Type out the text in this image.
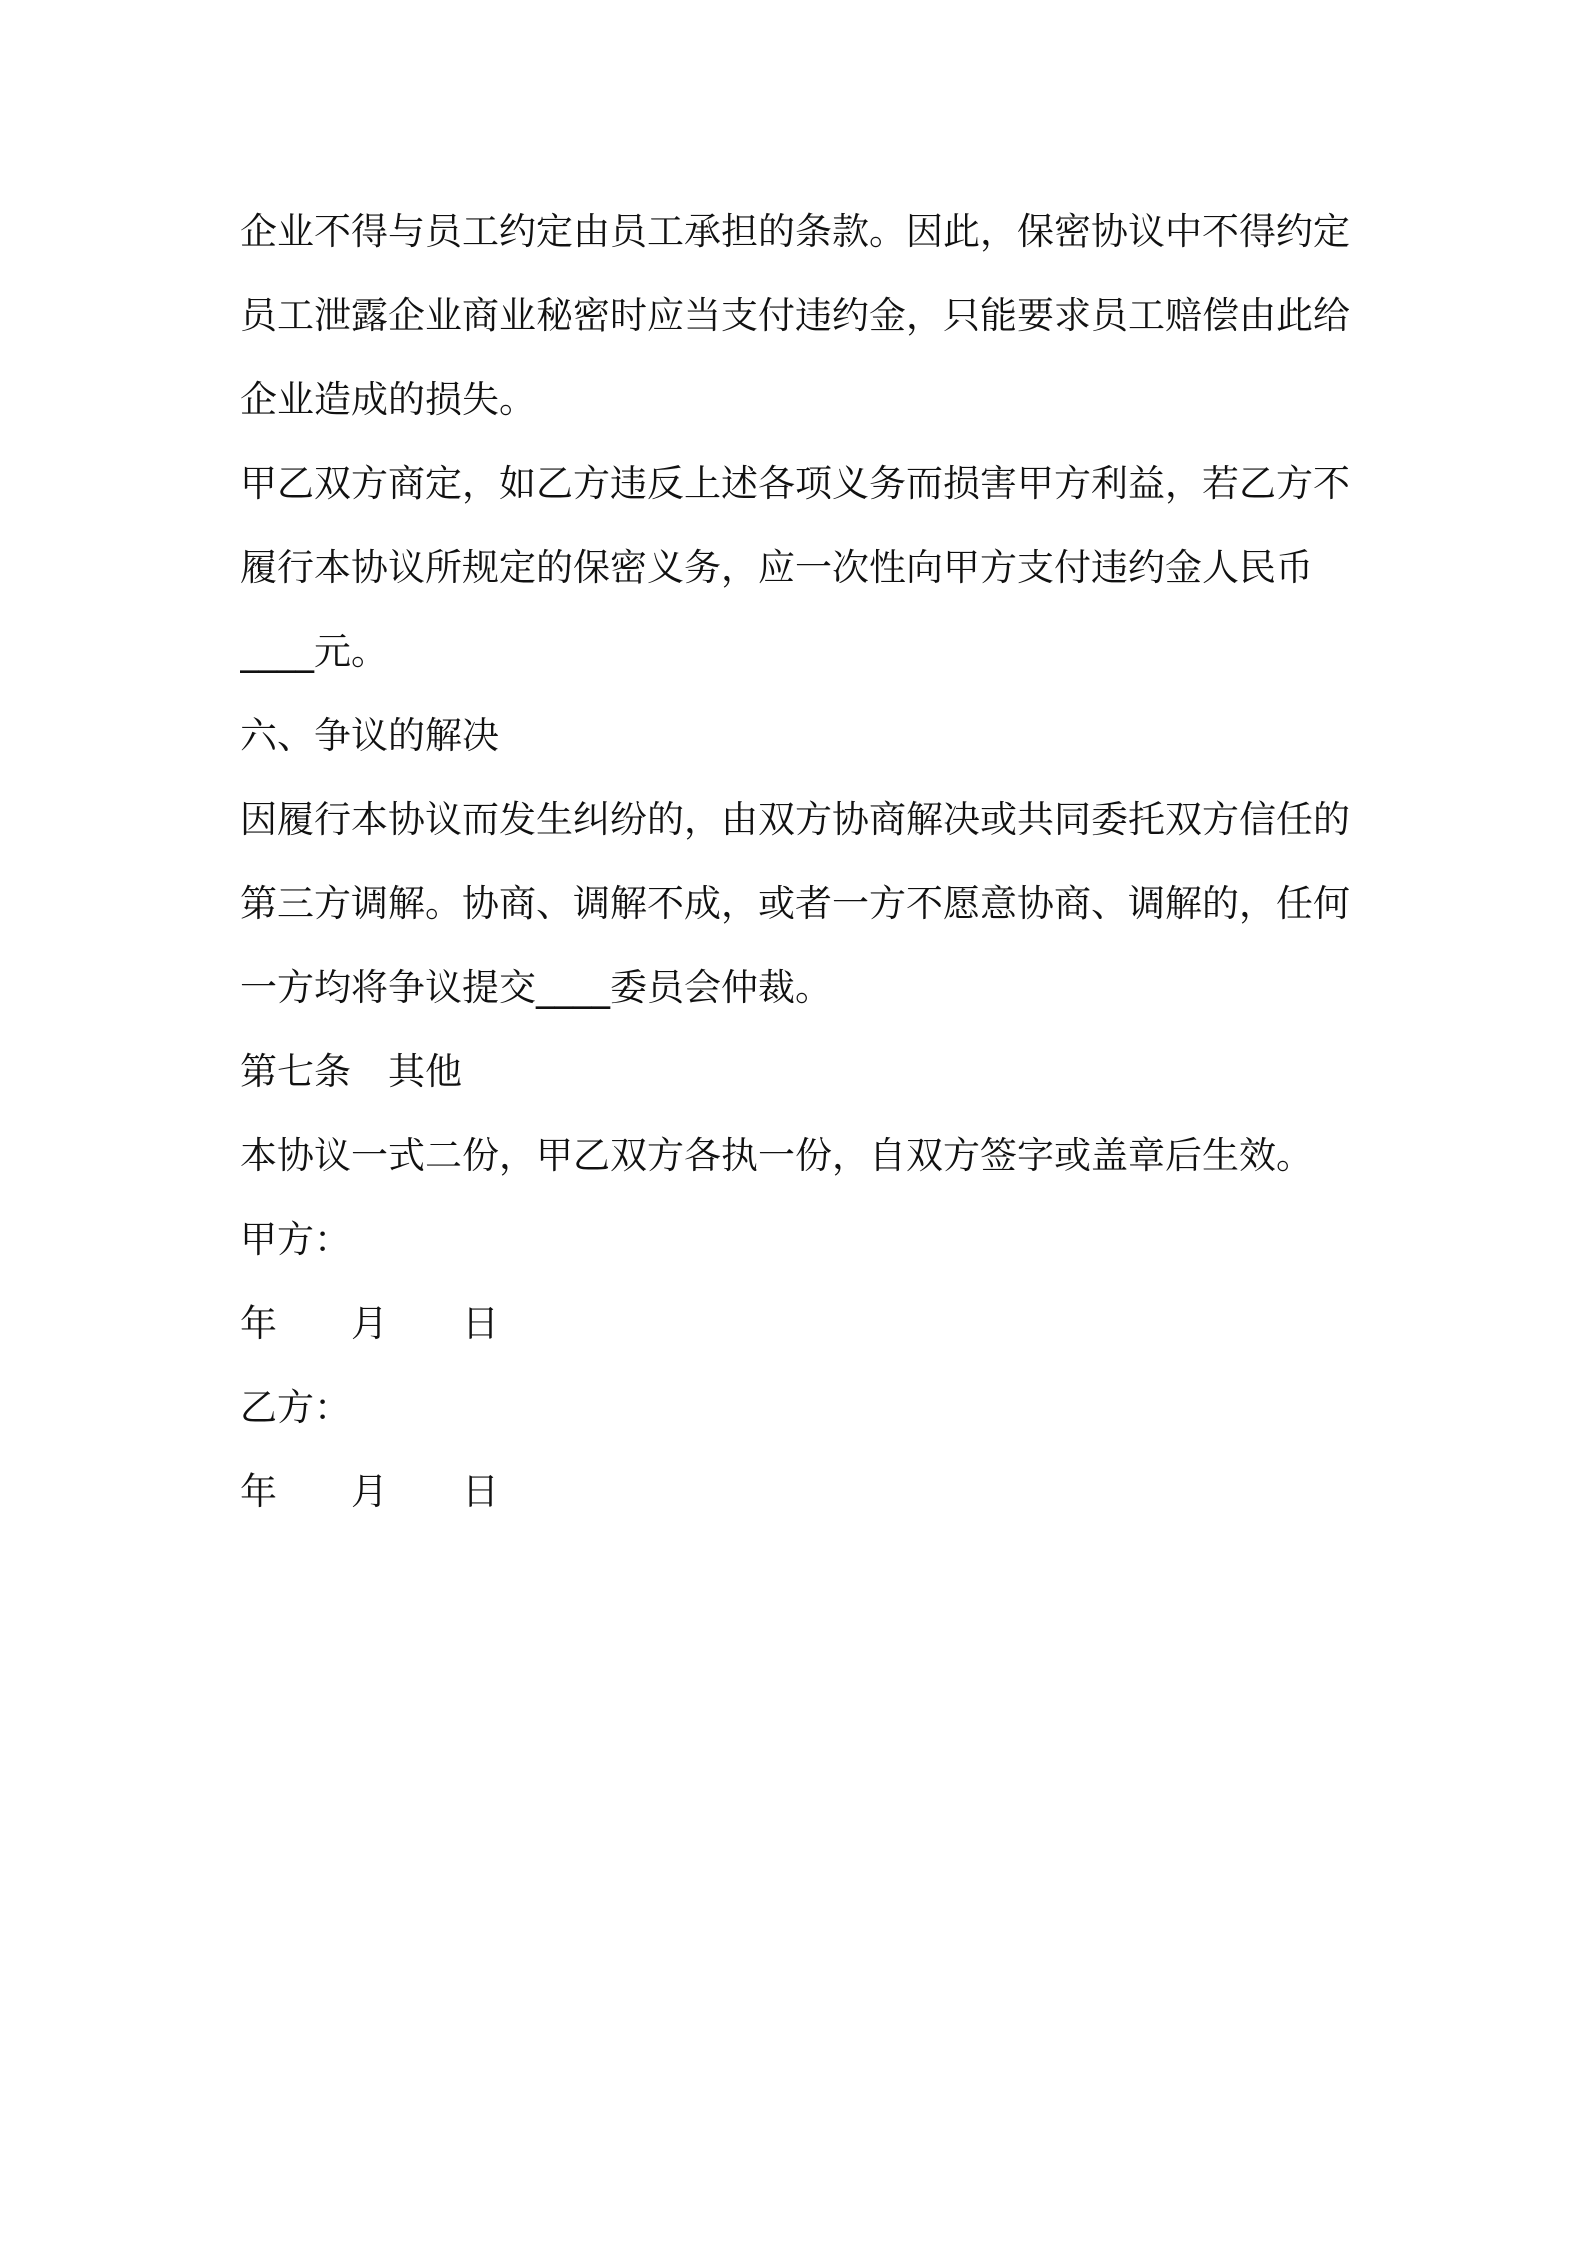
企业不得与员工约定由员工承担的条款。因此，保密协议中不得约定
员工泄露企业商业秘密时应当支付违约金，只能要求员工赔偿由此给
企业造成的损失。
甲乙双方商定，如乙方违反上述各项义务而损害甲方利益，若乙方不
履行本协议所规定的保密义务，应一次性向甲方支付违约金人民币
____元。
六、争议的解决
因履行本协议而发生纠纷的，由双方协商解决或共同委托双方信任的
第三方调解。协商、调解不成，或者一方不愿意协商、调解的，任何
一方均将争议提交____委员会仲裁。
第七条 其他
本协议一式二份，甲乙双方各执一份，自双方签字或盖章后生效。
甲方：
年 月 日
乙方：
年 月 日
